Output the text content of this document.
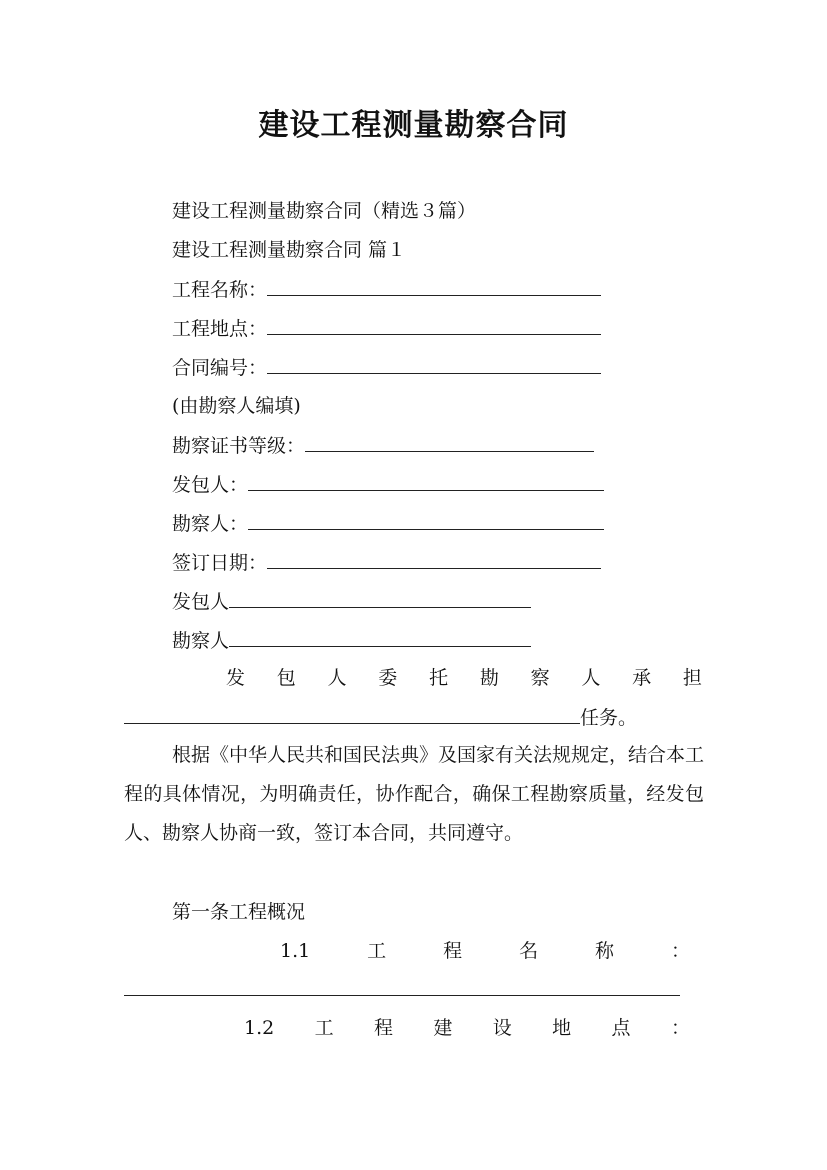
建设工程测量勘察合同

建设工程测量勘察合同（精选３篇）

建设工程测量勘察合同 篇１

工程名称：

工程地点：

合同编号：

(由勘察人编填)

勘察证书等级：

发包人：

勘察人：

签订日期：

发包人

勘察人

发 包 人 委 托 勘 察 人 承 担

任务。

根据《中华人民共和国民法典》及国家有关法规规定，结合本工程的具体情况，为明确责任，协作配合，确保工程勘察质量，经发包人、勘察人协商一致，签订本合同，共同遵守。

第一条工程概况

1.1	工	程	名	称	：
1.2 工 程 建 设 地 点 ：
